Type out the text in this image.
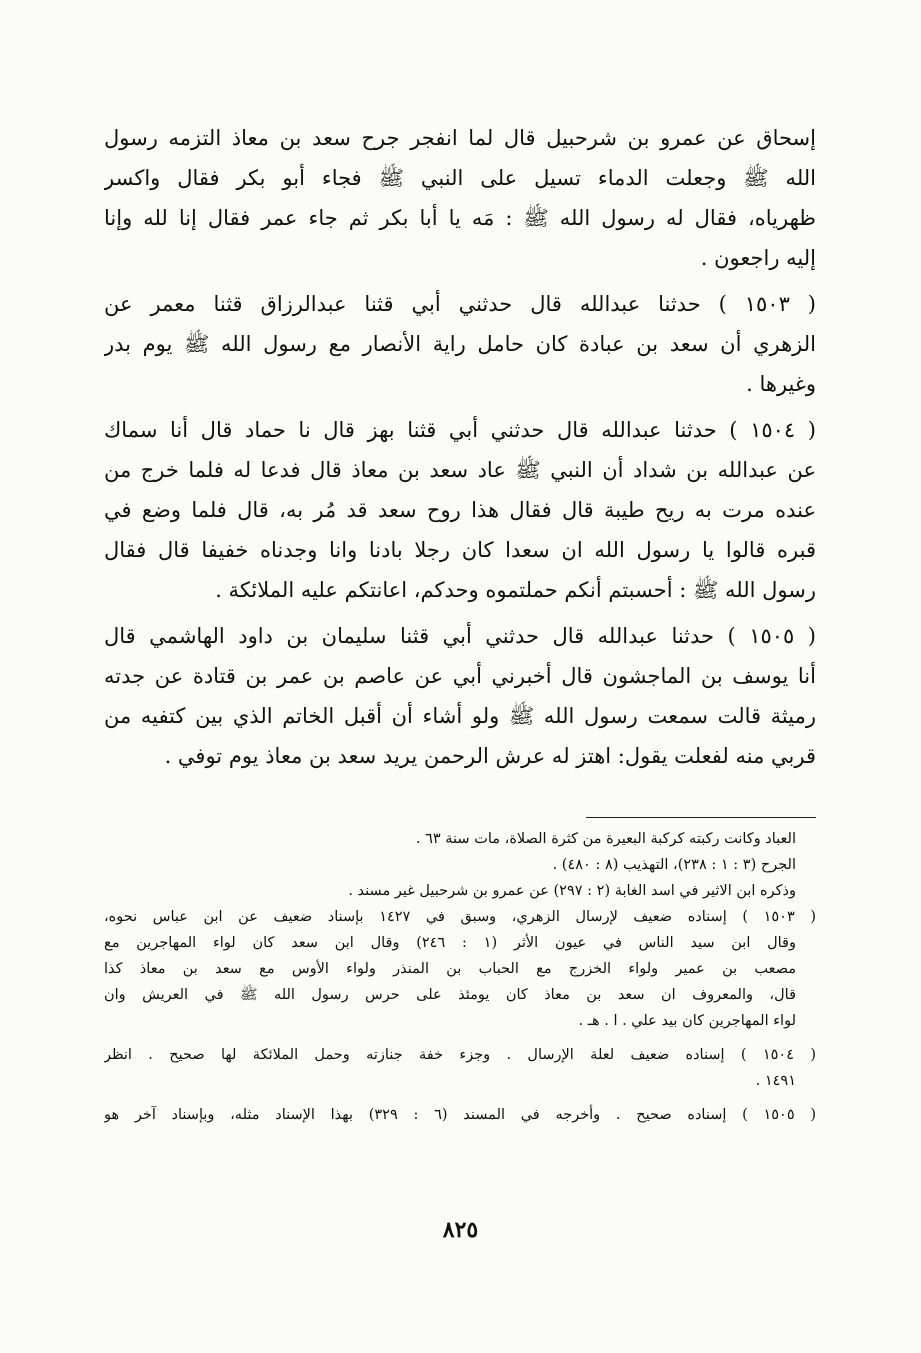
إسحاق عن عمرو بن شرحبيل قال لما انفجر جرح سعد بن معاذ التزمه رسول
الله ﷺ وجعلت الدماء تسيل على النبي ﷺ فجاء أبو بكر فقال واكسر
ظهرياه، فقال له رسول الله ﷺ : مَه يا أبا بكر ثم جاء عمر فقال إنا لله وإنا
إليه راجعون .
( ١٥٠٣ ) حدثنا عبدالله قال حدثني أبي قثنا عبدالرزاق قثنا معمر عن
الزهري أن سعد بن عبادة كان حامل راية الأنصار مع رسول الله ﷺ يوم بدر
وغيرها .
( ١٥٠٤ ) حدثنا عبدالله قال حدثني أبي قثنا بهز قال نا حماد قال أنا سماك
عن عبدالله بن شداد أن النبي ﷺ عاد سعد بن معاذ قال فدعا له فلما خرج من
عنده مرت به ريح طيبة قال فقال هذا روح سعد قد مُر به، قال فلما وضع في
قبره قالوا يا رسول الله ان سعدا كان رجلا بادنا وانا وجدناه خفيفا قال فقال
رسول الله ﷺ : أحسبتم أنكم حملتموه وحدكم، اعانتكم عليه الملائكة .
( ١٥٠٥ ) حدثنا عبدالله قال حدثني أبي قثنا سليمان بن داود الهاشمي قال
أنا يوسف بن الماجشون قال أخبرني أبي عن عاصم بن عمر بن قتادة عن جدته
رميثة قالت سمعت رسول الله ﷺ ولو أشاء أن أقبل الخاتم الذي بين كتفيه من
قربي منه لفعلت يقول: اهتز له عرش الرحمن يريد سعد بن معاذ يوم توفي .
العباد وكانت ركبته كركبة البعيرة من كثرة الصلاة، مات سنة ٦٣ .
الجرح (٣ : ١ : ٢٣٨)، التهذيب (٨ : ٤٨٠) .
وذكره ابن الاثير في اسد الغابة (٢ : ٢٩٧) عن عمرو بن شرحبيل غير مسند .
( ١٥٠٣ ) إسناده ضعيف لإرسال الزهري، وسبق في ١٤٢٧ بإسناد ضعيف عن ابن عباس نحوه،
وقال ابن سيد الناس في عيون الأثر (١ : ٢٤٦) وقال ابن سعد كان لواء المهاجرين مع
مصعب بن عمير ولواء الخزرج مع الحباب بن المنذر ولواء الأوس مع سعد بن معاذ كذا
قال، والمعروف ان سعد بن معاذ كان يومئذ على حرس رسول الله ﷺ في العريش وان
لواء المهاجرين كان بيد علي . ا . هـ .
( ١٥٠٤ ) إسناده ضعيف لعلة الإرسال . وجزء خفة جنازته وحمل الملائكة لها صحيح . انظر
١٤٩١ .
( ١٥٠٥ ) إسناده صحيح . وأخرجه في المسند (٦ : ٣٢٩) بهذا الإسناد مثله، وبإسناد آخر هو
٨٢٥
